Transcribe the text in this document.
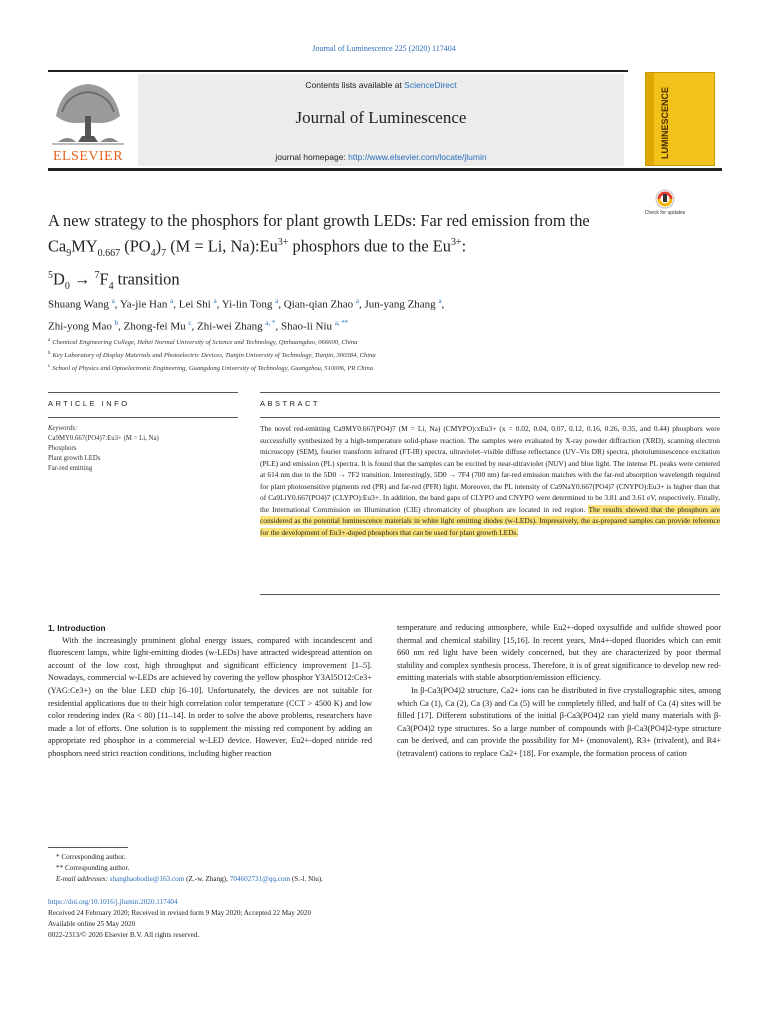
Journal of Luminescence 225 (2020) 117404
ELSEVIER
Contents lists available at ScienceDirect
Journal of Luminescence
journal homepage: http://www.elsevier.com/locate/jlumin	LUMINESCENCE
Check for updates
A new strategy to the phosphors for plant growth LEDs: Far red emission from the $Ca_9MY_{0.667}$ $(PO_4)_7$ (M = Li, $Na):Eu^{3+}$ phosphors due to the $Eu^{3+}$:
$^5D_0 \to ^7F_4$ transition
Shuang Wang $^a$, Ya-jie Han $^a$, Lei Shi $^a$, Yi-lin Tong $^a$, Qian-qian Zhao $^a$, Jun-yang Zhang $^a$,
Zhi-yong Mao $^b$, Zhong-fei Mu $^c$, Zhi-wei Zhang $^{a, *}$, Shao-li Niu $^{a, **}$
$^a$ Chemical Engineering College, Hebei Normal University of Science and Technology, Qinhuangdao, 066600, China
$^b$ Key Laboratory of Display Materials and Photoelectric Devices, Tianjin University of Technology, Tianjin, 300384, China
$^c$ School of Physics and Optoelectronic Engineering, Guangdong University of Technology, Guangzhou, 510006, PR China
ARTICLE INFO	ABSTRACT
Keywords:
Ca9MY0.667(PO4)7:Eu3+ (M = Li, Na)
Phosphors
Plant growth LEDs
Far-red emitting
The novel red-emitting Ca9MY0.667(PO4)7 (M = Li, Na) (CMYPO):xEu3+ (x = 0.02, 0.04, 0.07, 0.12, 0.16, 0.26, 0.35, and 0.44) phosphors were successfully synthesized by a high-temperature solid-phase reaction. The samples were evaluated by X-ray powder diffraction (XRD), scanning electron microscopy (SEM), fourier transform infrared (FT-IR) spectra, ultraviolet–visible diffuse reflectance (UV–Vis DR) spectra, photoluminescence excitation (PLE) and emission (PL) spectra. It is found that the samples can be excited by near-ultraviolet (NUV) and blue light. The intense PL peaks were centered at 614 nm due to the 5D0 → 7F2 transition. Interestingly, 5D0 → 7F4 (700 nm) far-red emission matches with the far-red absorption wavelength required for plant photosensitive pigments red (PR) and far-red (PFR) light. Moreover, the PL intensity of Ca9NaY0.667(PO4)7 (CNYPO):Eu3+ is higher than that of Ca9LiY0.667(PO4)7 (CLYPO):Eu3+. In addition, the band gaps of CLYPO and CNYPO were determined to be 3.81 and 3.61 eV, respectively. Finally, the International Commission on Illumination (CIE) chromaticity of phosphors are located in red region. The results showed that the phosphors are considered as the potential luminescence materials in white light emitting diodes (w-LEDs). Impressively, the as-prepared samples can provide reference for the development of Eu3+-doped phosphors that can be used for plant growth LEDs.

1. Introduction

With the increasingly prominent global energy issues, compared with incandescent and fluorescent lamps, white light-emitting diodes (w-LEDs) have attracted widespread attention on account of the low cost, high throughput and significant efficiency improvement [1–5]. Nowadays, commercial w-LEDs are achieved by covering the yellow phosphor Y3Al5O12:Ce3+ (YAG:Ce3+) on the blue LED chip [6–10]. Unfortunately, the devices are not suitable for residential applications due to their high correlation color temperature (CCT > 4500 K) and low color rendering index (Ra < 80) [11–14]. In order to solve the above problems, researchers have made a lot of efforts. One solution is to supplement the missing red component by adding an appropriate red phosphor in a commercial w-LED device. However, Eu2+-doped nitride red phosphors need strict reaction conditions, including higher reaction

temperature and reducing atmosphere, while Eu2+-doped oxysulfide and sulfide showed poor thermal and chemical stability [15,16]. In recent years, Mn4+-doped fluorides which can emit 660 nm red light have been widely concerned, but they are characterized by poor thermal stability and complex synthesis process. Therefore, it is of great significance to develop new red-emitting materials with stable absorption/emission efficiency.

In β-Ca3(PO4)2 structure, Ca2+ ions can be distributed in five crystallographic sites, among which Ca (1), Ca (2), Ca (3) and Ca (5) will be completely filled, and half of Ca (4) sites will be filled [17]. Different substitutions of the initial β-Ca3(PO4)2 can yield many materials with β-Ca3(PO4)2 type structures. So a large number of compounds with β-Ca3(PO4)2-type structure can be derived, and can provide the possibility for M+ (monovalent), R3+ (trivalent), and R4+ (tetravalent) cations to replace Ca2+ [18]. For example, the formation process of cation

* Corresponding author.
** Corresponding author.
E-mail addresses: shanghaobodie@163.com (Z.-w. Zhang), 704602731@qq.com (S.-l. Niu).
https://doi.org/10.1016/j.jlumin.2020.117404
Received 24 February 2020; Received in revised form 9 May 2020; Accepted 22 May 2020
Available online 25 May 2020
0022-2313/© 2020 Elsevier B.V. All rights reserved.
